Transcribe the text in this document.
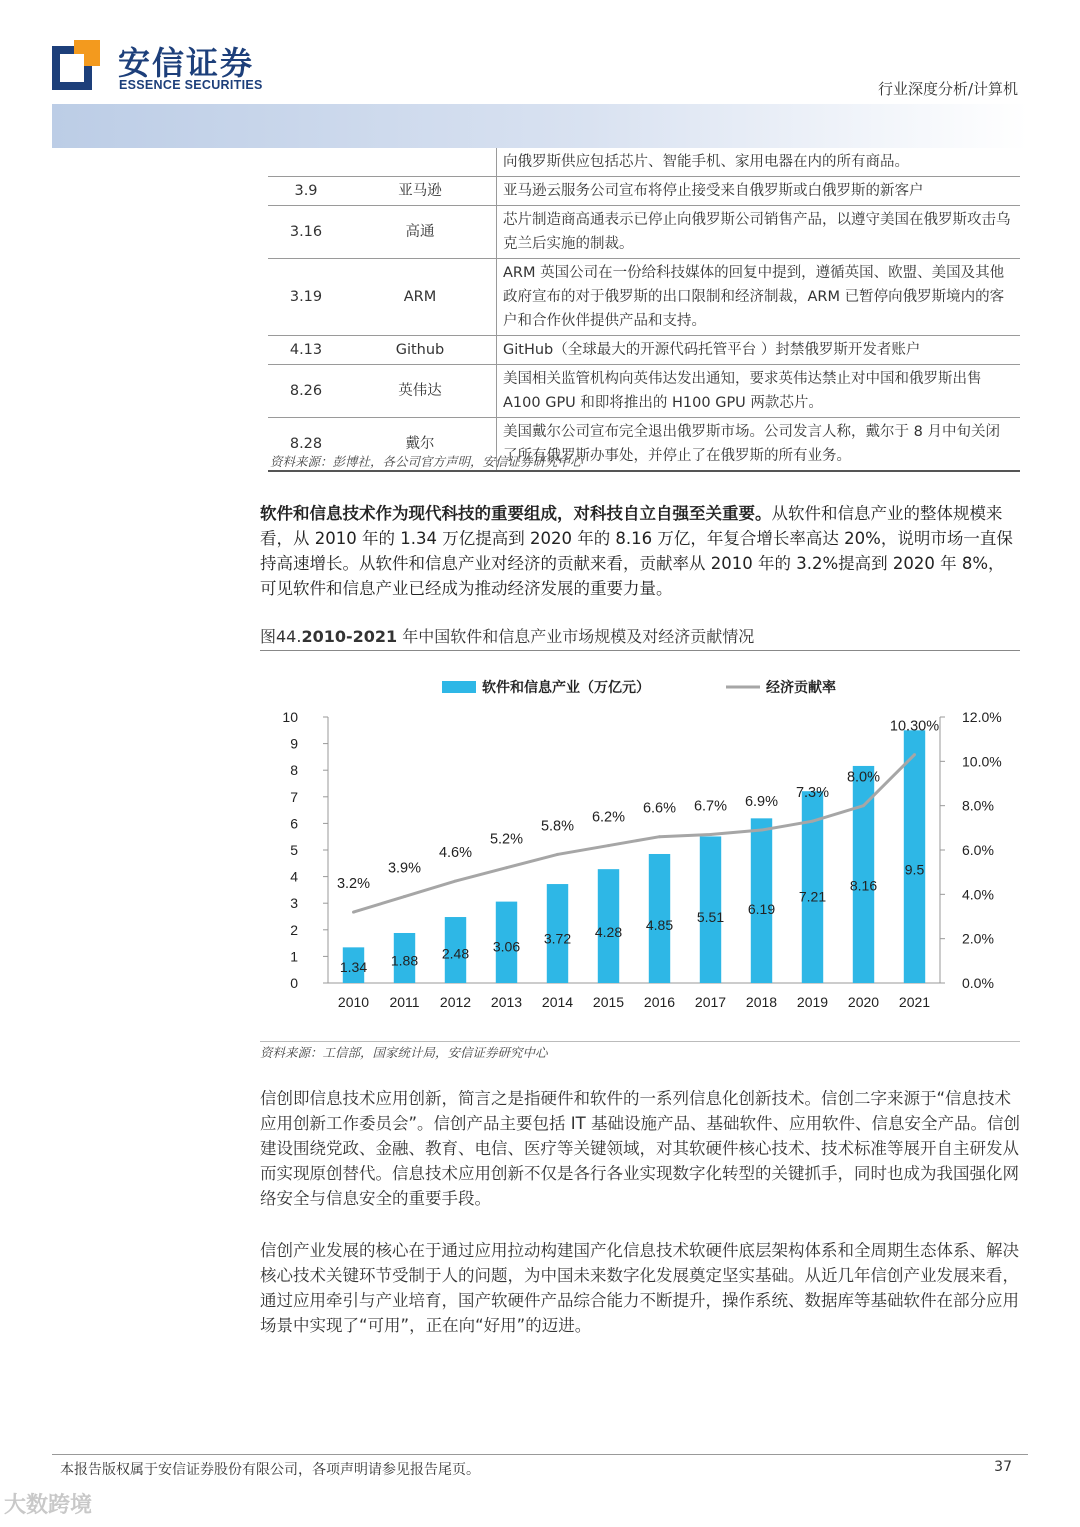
安信证券
ESSENCE SECURITIES	行业深度分析/计算机
		向俄罗斯供应包括芯片、智能手机、家用电器在内的所有商品。
3.9	亚马逊	亚马逊云服务公司宣布将停止接受来自俄罗斯或白俄罗斯的新客户
3.16	高通	芯片制造商高通表示已停止向俄罗斯公司销售产品，以遵守美国在俄罗斯攻击乌克兰后实施的制裁。
3.19	ARM	ARM 英国公司在一份给科技媒体的回复中提到，遵循英国、欧盟、美国及其他政府宣布的对于俄罗斯的出口限制和经济制裁，ARM 已暂停向俄罗斯境内的客户和合作伙伴提供产品和支持。
4.13	Github	GitHub（全球最大的开源代码托管平台 ）封禁俄罗斯开发者账户
8.26	英伟达	美国相关监管机构向英伟达发出通知，要求英伟达禁止对中国和俄罗斯出售 A100 GPU 和即将推出的 H100 GPU 两款芯片。
8.28	戴尔	美国戴尔公司宣布完全退出俄罗斯市场。公司发言人称，戴尔于 8 月中旬关闭了所有俄罗斯办事处，并停止了在俄罗斯的所有业务。
资料来源：彭博社，各公司官方声明，安信证券研究中心
软件和信息技术作为现代科技的重要组成，对科技自立自强至关重要。从软件和信息产业的整体规模来看，从 2010 年的 1.34 万亿提高到 2020 年的 8.16 万亿，年复合增长率高达 20%，说明市场一直保持高速增长。从软件和信息产业对经济的贡献来看，贡献率从 2010 年的 3.2%提高到 2020 年 8%，可见软件和信息产业已经成为推动经济发展的重要力量。
图44.2010-2021 年中国软件和信息产业市场规模及对经济贡献情况
软件和信息产业（万亿元）	经济贡献率
0
1
2
3
4
5
6
7
8
9
10
0.0%
2.0%
4.0%
6.0%
8.0%
10.0%
12.0%
1.34 1.88 2.48 3.06 3.72 4.28 4.85 5.51
6.19
7.21
8.16
9.5
3.2%
3.9%
4.6%
5.2%
5.8%
6.2%
6.6% 6.7% 6.9%
7.3%
8.0%
10.30%
2010 2011 2012 2013 2014 2015 2016 2017 2018 2019 2020 2021
资料来源：工信部，国家统计局，安信证券研究中心
信创即信息技术应用创新，简言之是指硬件和软件的一系列信息化创新技术。信创二字来源于“信息技术应用创新工作委员会”。信创产品主要包括 IT 基础设施产品、基础软件、应用软件、信息安全产品。信创建设围绕党政、金融、教育、电信、医疗等关键领域，对其软硬件核心技术、技术标准等展开自主研发从而实现原创替代。信息技术应用创新不仅是各行各业实现数字化转型的关键抓手，同时也成为我国强化网络安全与信息安全的重要手段。
信创产业发展的核心在于通过应用拉动构建国产化信息技术软硬件底层架构体系和全周期生态体系、解决核心技术关键环节受制于人的问题，为中国未来数字化发展奠定坚实基础。从近几年信创产业发展来看，通过应用牵引与产业培育，国产软硬件产品综合能力不断提升，操作系统、数据库等基础软件在部分应用场景中实现了“可用”，正在向“好用”的迈进。
本报告版权属于安信证券股份有限公司，各项声明请参见报告尾页。	37
大数跨境
